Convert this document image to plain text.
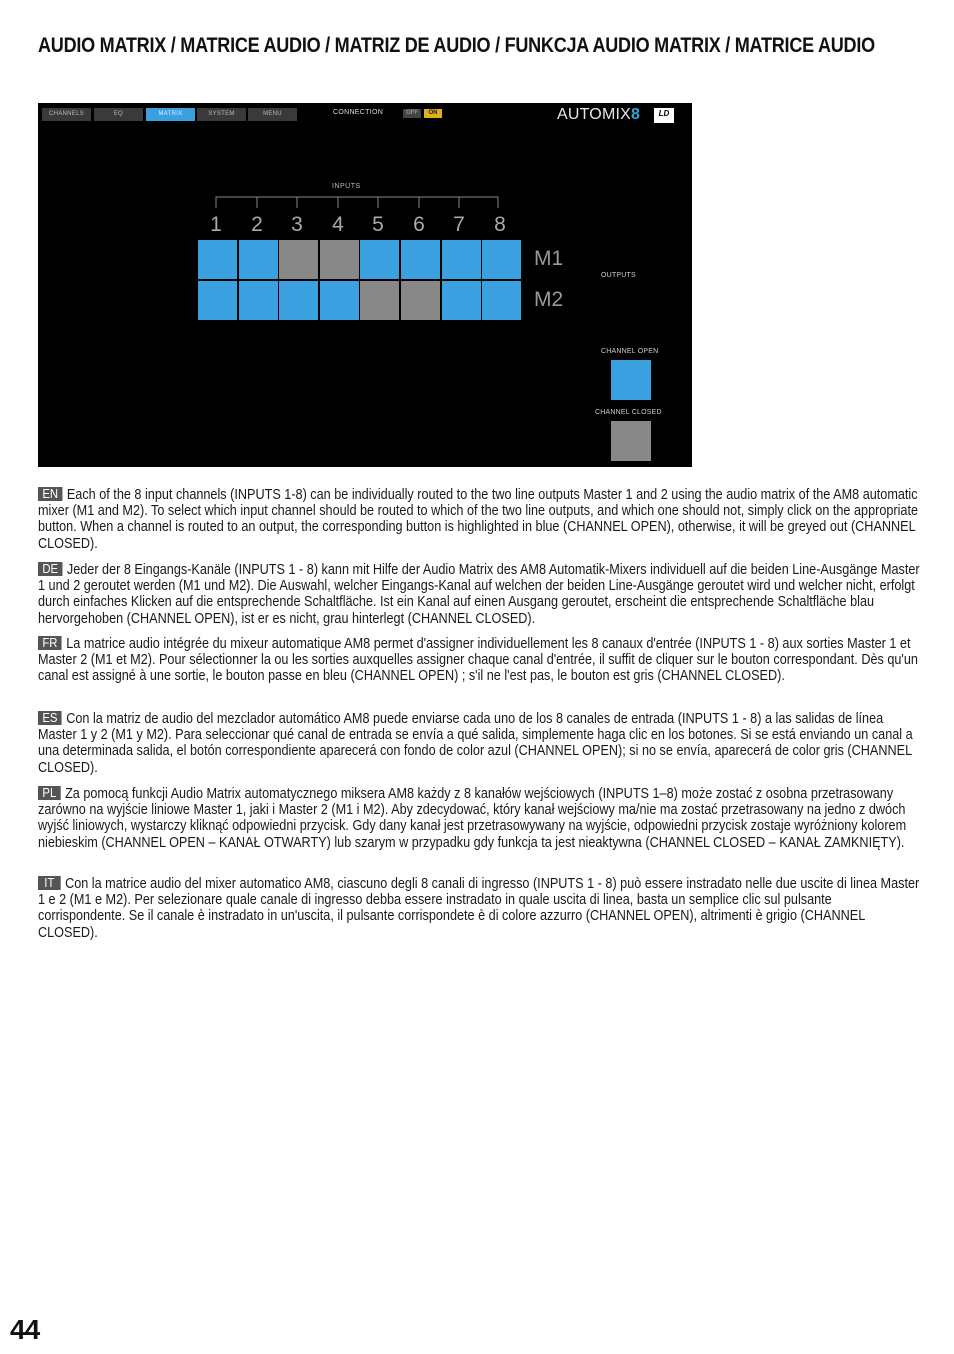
AUDIO MATRIX / MATRICE AUDIO / MATRIZ DE AUDIO / FUNKCJA AUDIO MATRIX / MATRICE AUDIO
CHANNELS	EQ	MATRIX	SYSTEM	MENU	CONNECTION	OFF	ON	AUTOMIX8	LD
INPUTS
1	2	3	4	5	6	7	8
M1
M2
OUTPUTS
CHANNEL OPEN
CHANNEL CLOSED
EN Each of the 8 input channels (INPUTS 1-8) can be individually routed to the two line outputs Master 1 and 2 using the audio matrix of the AM8 automatic mixer (M1 and M2). To select which input channel should be routed to which of the two line outputs, and which one should not, simply click on the appropriate button. When a channel is routed to an output, the corresponding button is highlighted in blue (CHANNEL OPEN), otherwise, it will be greyed out (CHANNEL CLOSED).
DE Jeder der 8 Eingangs-Kanäle (INPUTS 1 - 8) kann mit Hilfe der Audio Matrix des AM8 Automatik-Mixers individuell auf die beiden Line-Ausgänge Master 1 und 2 geroutet werden (M1 und M2). Die Auswahl, welcher Eingangs-Kanal auf welchen der beiden Line-Ausgänge geroutet wird und welcher nicht, erfolgt durch einfaches Klicken auf die entsprechende Schaltfläche. Ist ein Kanal auf einen Ausgang geroutet, erscheint die entsprechende Schaltfläche blau hervorgehoben (CHANNEL OPEN), ist er es nicht, grau hinterlegt (CHANNEL CLOSED).
FR La matrice audio intégrée du mixeur automatique AM8 permet d'assigner individuellement les 8 canaux d'entrée (INPUTS 1 - 8) aux sorties Master 1 et Master 2 (M1 et M2). Pour sélectionner la ou les sorties auxquelles assigner chaque canal d'entrée, il suffit de cliquer sur le bouton correspondant. Dès qu'un canal est assigné à une sortie, le bouton passe en bleu (CHANNEL OPEN) ; s'il ne l'est pas, le bouton est gris (CHANNEL CLOSED).
ES Con la matriz de audio del mezclador automático AM8 puede enviarse cada uno de los 8 canales de entrada (INPUTS 1 - 8) a las salidas de línea Master 1 y 2 (M1 y M2). Para seleccionar qué canal de entrada se envía a qué salida, simplemente haga clic en los botones. Si se está enviando un canal a una determinada salida, el botón correspondiente aparecerá con fondo de color azul (CHANNEL OPEN); si no se envía, aparecerá de color gris (CHANNEL CLOSED).
PL Za pomocą funkcji Audio Matrix automatycznego miksera AM8 każdy z 8 kanałów wejściowych (INPUTS 1–8) może zostać z osobna przetrasowany zarówno na wyjście liniowe Master 1, jaki i Master 2 (M1 i M2). Aby zdecydować, który kanał wejściowy ma/nie ma zostać przetrasowany na jedno z dwóch wyjść liniowych, wystarczy kliknąć odpowiedni przycisk. Gdy dany kanał jest przetrasowywany na wyjście, odpowiedni przycisk zostaje wyróżniony kolorem niebieskim (CHANNEL OPEN – KANAŁ OTWARTY) lub szarym w przypadku gdy funkcja ta jest nieaktywna (CHANNEL CLOSED – KANAŁ ZAMKNIĘTY).
IT Con la matrice audio del mixer automatico AM8, ciascuno degli 8 canali di ingresso (INPUTS 1 - 8) può essere instradato nelle due uscite di linea Master 1 e 2 (M1 e M2). Per selezionare quale canale di ingresso debba essere instradato in quale uscita di linea, basta un semplice clic sul pulsante corrispondente. Se il canale è instradato in un'uscita, il pulsante corrispondete è di colore azzurro (CHANNEL OPEN), altrimenti è grigio (CHANNEL CLOSED).
44
